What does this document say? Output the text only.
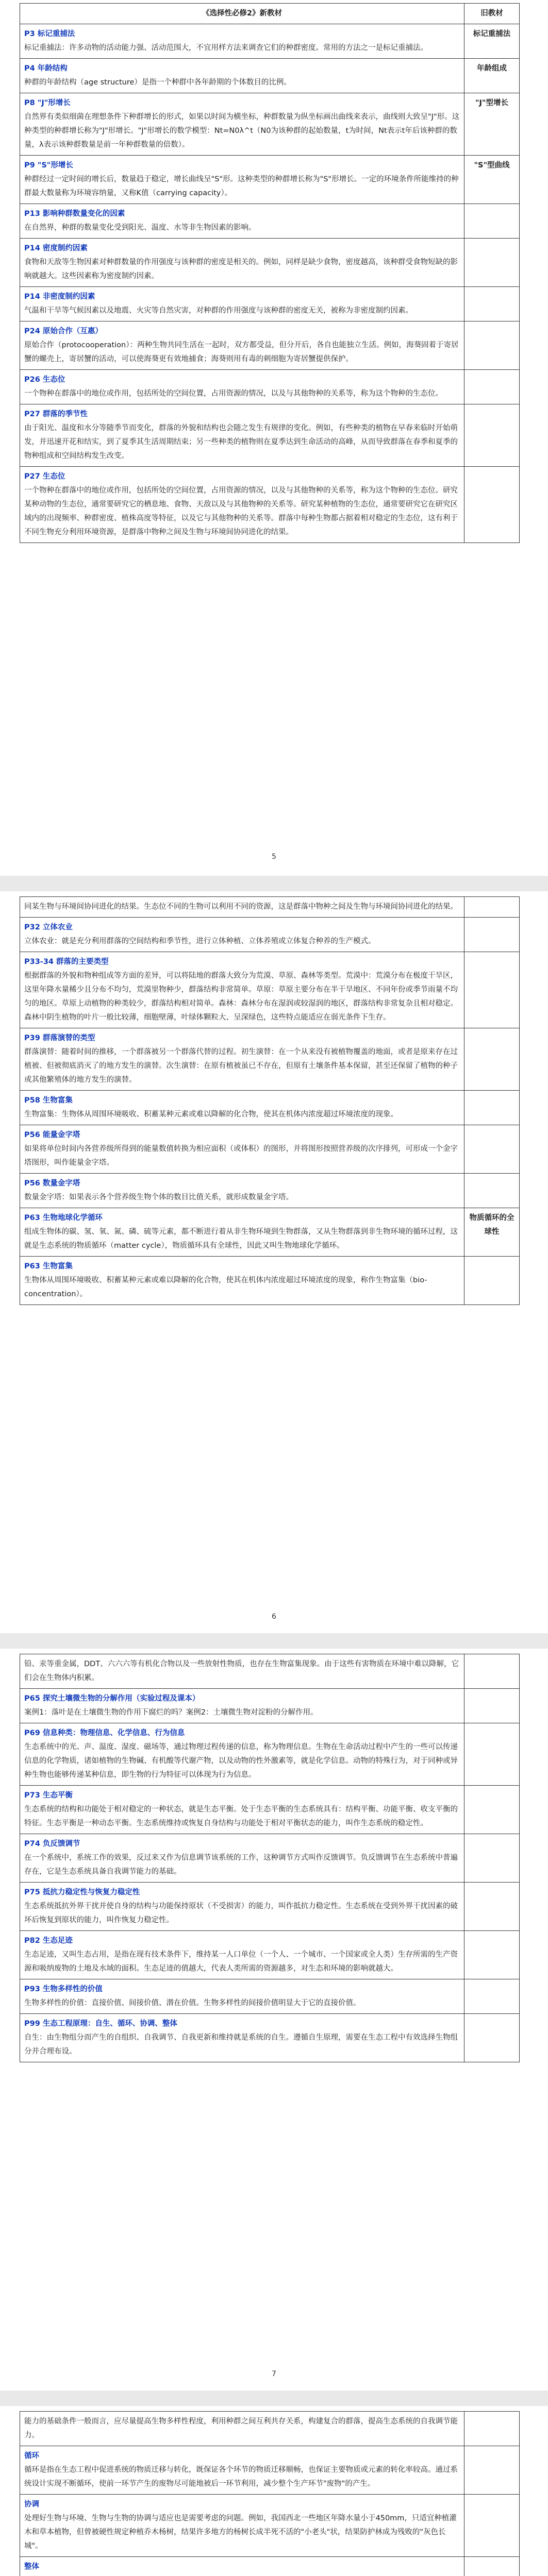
《选择性必修2》新教材	旧教材

P3 标记重捕法

标记重捕法：许多动物的活动能力强、活动范围大，不宜用样方法来调查它们的种群密度。常用的方法之一是标记重捕法。	标记重捕法

P4 年龄结构

种群的年龄结构（age structure）是指一个种群中各年龄期的个体数目的比例。	年龄组成

P8 "J"形增长

自然界有类似细菌在理想条件下种群增长的形式，如果以时间为横坐标，种群数量为纵坐标画出曲线来表示，曲线则大致呈"J"形。这种类型的种群增长称为"J"形增长。"J"形增长的数学模型：Nt=N0λ^t（N0为该种群的起始数量，t为时间，Nt表示t年后该种群的数量，λ表示该种群数量是前一年种群数量的倍数）。	"J"型增长

P9 "S"形增长

种群经过一定时间的增长后，数量趋于稳定，增长曲线呈"S"形。这种类型的种群增长称为"S"形增长。一定的环境条件所能维持的种群最大数量称为环境容纳量，又称K值（carrying capacity）。	"S"型曲线

P13 影响种群数量变化的因素

在自然界，种群的数量变化受到阳光、温度、水等非生物因素的影响。	

P14 密度制约因素

食物和天敌等生物因素对种群数量的作用强度与该种群的密度是相关的。例如，同样是缺少食物，密度越高，该种群受食物短缺的影响就越大。这些因素称为密度制约因素。	

P14 非密度制约因素

气温和干旱等气候因素以及地震、火灾等自然灾害，对种群的作用强度与该种群的密度无关，被称为非密度制约因素。	

P24 原始合作（互惠）

原始合作（protocooperation）：两种生物共同生活在一起时，双方都受益，但分开后，各自也能独立生活。例如，海葵固着于寄居蟹的螺壳上，寄居蟹的活动，可以使海葵更有效地捕食；海葵则用有毒的刺细胞为寄居蟹提供保护。	

P26 生态位

一个物种在群落中的地位或作用，包括所处的空间位置，占用资源的情况，以及与其他物种的关系等，称为这个物种的生态位。	

P27 群落的季节性

由于阳光、温度和水分等随季节而变化，群落的外貌和结构也会随之发生有规律的变化。例如，有些种类的植物在早春来临时开始萌发，并迅速开花和结实，到了夏季其生活周期结束；另一些种类的植物则在夏季达到生命活动的高峰，从而导致群落在春季和夏季的物种组成和空间结构发生改变。	

P27 生态位

一个物种在群落中的地位或作用，包括所处的空间位置，占用资源的情况，以及与其他物种的关系等，称为这个物种的生态位。研究某种动物的生态位，通常要研究它的栖息地、食物、天敌以及与其他物种的关系等。研究某种植物的生态位，通常要研究它在研究区域内的出现频率、种群密度、植株高度等特征，以及它与其他物种的关系等。群落中每种生物都占据着相对稳定的生态位，这有利于不同生物充分利用环境资源，是群落中物种之间及生物与环境间协同进化的结果。	

5

同某生物与环境间协同进化的结果。生态位不同的生物可以利用不同的资源，这是群落中物种之间及生物与环境间协同进化的结果。	

P32 立体农业

立体农业：就是充分利用群落的空间结构和季节性，进行立体种植、立体养殖或立体复合种养的生产模式。	

P33-34 群落的主要类型

根据群落的外貌和物种组成等方面的差异，可以将陆地的群落大致分为荒漠、草原、森林等类型。荒漠中：荒漠分布在极度干旱区，这里年降水量稀少且分布不均匀，荒漠里物种少，群落结构非常简单。草原：草原主要分布在半干旱地区、不同年份或季节雨量不均匀的地区。草原上动植物的种类较少，群落结构相对简单。森林：森林分布在湿润或较湿润的地区，群落结构非常复杂且相对稳定。森林中阴生植物的叶片一般比较薄，细胞壁薄，叶绿体颗粒大、呈深绿色，这些特点能适应在弱光条件下生存。	

P39 群落演替的类型

群落演替：随着时间的推移，一个群落被另一个群落代替的过程。初生演替：在一个从来没有被植物覆盖的地面，或者是原来存在过植被、但被彻底消灭了的地方发生的演替。次生演替：在原有植被虽已不存在，但原有土壤条件基本保留，甚至还保留了植物的种子或其他繁殖体的地方发生的演替。	

P58 生物富集

生物富集：生物体从周围环境吸收、积蓄某种元素或难以降解的化合物，使其在机体内浓度超过环境浓度的现象。	

P56 能量金字塔

如果将单位时间内各营养级所得到的能量数值转换为相应面积（或体积）的图形，并将图形按照营养级的次序排列，可形成一个金字塔图形，叫作能量金字塔。	

P56 数量金字塔

数量金字塔：如果表示各个营养级生物个体的数目比值关系，就形成数量金字塔。	

P63 生物地球化学循环

组成生物体的碳、氢、氧、氮、磷、硫等元素，都不断进行着从非生物环境到生物群落，又从生物群落到非生物环境的循环过程，这就是生态系统的物质循环（matter cycle），物质循环具有全球性，因此又叫生物地球化学循环。	物质循环的全球性

P63 生物富集

生物体从周围环境吸收、积蓄某种元素或难以降解的化合物，使其在机体内浓度超过环境浓度的现象，称作生物富集（bio-concentration）。	

6

铅、汞等重金属，DDT、六六六等有机化合物以及一些放射性物质，也存在生物富集现象。由于这些有害物质在环境中难以降解，它们会在生物体内积累。	

P65 探究土壤微生物的分解作用（实验过程及课本）

案例1：落叶是在土壤微生物的作用下腐烂的吗？案例2：土壤微生物对淀粉的分解作用。	

P69 信息种类：物理信息、化学信息、行为信息

生态系统中的光、声、温度、湿度、磁场等，通过物理过程传递的信息，称为物理信息。生物在生命活动过程中产生的一些可以传递信息的化学物质，诸如植物的生物碱、有机酸等代谢产物，以及动物的性外激素等，就是化学信息。动物的特殊行为，对于同种或异种生物也能够传递某种信息，即生物的行为特征可以体现为行为信息。	

P73 生态平衡

生态系统的结构和功能处于相对稳定的一种状态，就是生态平衡。处于生态平衡的生态系统具有：结构平衡、功能平衡、收支平衡的特征。生态平衡是一种动态平衡。生态系统维持或恢复自身结构与功能处于相对平衡状态的能力，叫作生态系统的稳定性。	

P74 负反馈调节

在一个系统中，系统工作的效果，反过来又作为信息调节该系统的工作，这种调节方式叫作反馈调节。负反馈调节在生态系统中普遍存在，它是生态系统具备自我调节能力的基础。	

P75 抵抗力稳定性与恢复力稳定性

生态系统抵抗外界干扰并使自身的结构与功能保持原状（不受损害）的能力，叫作抵抗力稳定性。生态系统在受到外界干扰因素的破坏后恢复到原状的能力，叫作恢复力稳定性。	

P82 生态足迹

生态足迹，又叫生态占用，是指在现有技术条件下，维持某一人口单位（一个人、一个城市、一个国家或全人类）生存所需的生产资源和吸纳废物的土地及水域的面积。生态足迹的值越大，代表人类所需的资源越多，对生态和环境的影响就越大。	

P93 生物多样性的价值

生物多样性的价值：直接价值、间接价值、潜在价值。生物多样性的间接价值明显大于它的直接价值。	

P99 生态工程原理：自生、循环、协调、整体

自生：由生物组分而产生的自组织、自我调节、自我更新和维持就是系统的自生。遵循自生原理，需要在生态工程中有效选择生物组分并合理布设。	

7

能力的基础条件一般而言，应尽量提高生物多样性程度，利用种群之间互利共存关系，构建复合的群落，提高生态系统的自我调节能力。	

循环

循环是指在生态工程中促进系统的物质迁移与转化，既保证各个环节的物质迁移顺畅，也保证主要物质或元素的转化率较高。通过系统设计实现不断循环，使前一环节产生的废物尽可能地被后一环节利用，减少整个生产环节"废物"的产生。	

协调

处理好生物与环境、生物与生物的协调与适应也是需要考虑的问题。例如，我国西北一些地区年降水量小于450mm，只适宜种植灌木和草本植物，但曾被硬性规定种植乔木杨树，结果许多地方的杨树长成半死不活的"小老头"状，结果防护林成为残败的"灰色长城"。	

整体	
